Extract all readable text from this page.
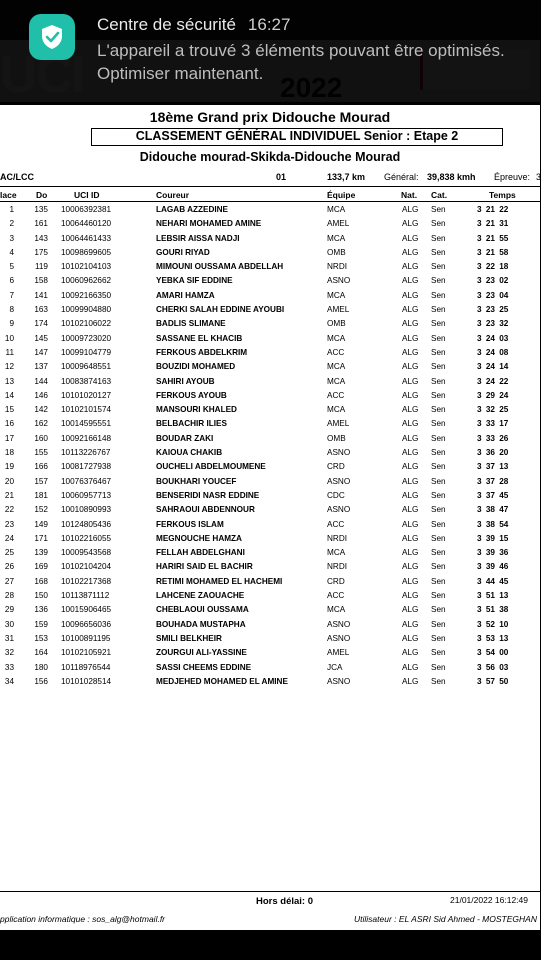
Centre de sécurité 16:27
L'appareil a trouvé 3 éléments pouvant être optimisés. Optimiser maintenant.
18ème Grand prix Didouche Mourad
CLASSEMENT GÉNÉRAL INDIVIDUEL Senior : Etape 2
Didouche mourad-Skikda-Didouche Mourad
AC/LCC	01	133,7 km Général: 39,838 kmh Épreuve: 3
lace Do	UCI ID	Coureur	Équipe	Nat. Cat.	Temps
1	135 10006392381	LAGAB AZZEDINE	MCA	ALG Sen	3 21 22
2	161 10064460120	NEHARI MOHAMED AMINE	AMEL	ALG Sen	3 21 31
3	143 10064461433	LEBSIR AISSA NADJI	MCA	ALG Sen	3 21 55
4	175 10098699605	GOURI RIYAD	OMB	ALG Sen	3 21 58
5	119 10102104103	MIMOUNI OUSSAMA ABDELLAH	NRDI	ALG Sen	3 22 18
6	158 10060962662	YEBKA SIF EDDINE	ASNO	ALG Sen	3 23 02
7	141 10092166350	AMARI HAMZA	MCA	ALG Sen	3 23 04
8	163 10099904880	CHERKI SALAH EDDINE AYOUBI	AMEL	ALG Sen	3 23 25
9	174 10102106022	BADLIS SLIMANE	OMB	ALG Sen	3 23 32
10	145 10009723020	SASSANE EL KHACIB	MCA	ALG Sen	3 24 03
11	147 10099104779	FERKOUS ABDELKRIM	ACC	ALG Sen	3 24 08
12	137 10009648551	BOUZIDI MOHAMED	MCA	ALG Sen	3 24 14
13	144 10083874163	SAHIRI AYOUB	MCA	ALG Sen	3 24 22
14	146 10101020127	FERKOUS AYOUB	ACC	ALG Sen	3 29 24
15	142 10102101574	MANSOURI KHALED	MCA	ALG Sen	3 32 25
16	162 10014595551	BELBACHIR ILIES	AMEL	ALG Sen	3 33 17
17	160 10092166148	BOUDAR ZAKI	OMB	ALG Sen	3 33 26
18	155 10113226767	KAIOUA CHAKIB	ASNO	ALG Sen	3 36 20
19	166 10081727938	OUCHELI ABDELMOUMENE	CRD	ALG Sen	3 37 13
20	157 10076376467	BOUKHARI YOUCEF	ASNO	ALG Sen	3 37 28
21	181 10060957713	BENSERIDI NASR EDDINE	CDC	ALG Sen	3 37 45
22	152 10010890993	SAHRAOUI ABDENNOUR	ASNO	ALG Sen	3 38 47
23	149 10124805436	FERKOUS ISLAM	ACC	ALG Sen	3 38 54
24	171 10102216055	MEGNOUCHE HAMZA	NRDI	ALG Sen	3 39 15
25	139 10009543568	FELLAH ABDELGHANI	MCA	ALG Sen	3 39 36
26	169 10102104204	HARIRI SAID EL BACHIR	NRDI	ALG Sen	3 39 46
27	168 10102217368	RETIMI MOHAMED EL HACHEMI	CRD	ALG Sen	3 44 45
28	150 10113871112	LAHCENE ZAOUACHE	ACC	ALG Sen	3 51 13
29	136 10015906465	CHEBLAOUI OUSSAMA	MCA	ALG Sen	3 51 38
30	159 10096656036	BOUHADA MUSTAPHA	ASNO	ALG Sen	3 52 10
31	153 10100891195	SMILI BELKHEIR	ASNO	ALG Sen	3 53 13
32	164 10102105921	ZOURGUI ALI-YASSINE	AMEL	ALG Sen	3 54 00
33	180 10118976544	SASSI CHEEMS EDDINE	JCA	ALG Sen	3 56 03
34	156 10101028514	MEDJEHED MOHAMED EL AMINE	ASNO	ALG Sen	3 57 50
Hors délai: 0	21/01/2022 16:12:49
pplication informatique : sos_alg@hotmail.fr	Utilisateur : EL ASRI Sid Ahmed - MOSTEGHAN
